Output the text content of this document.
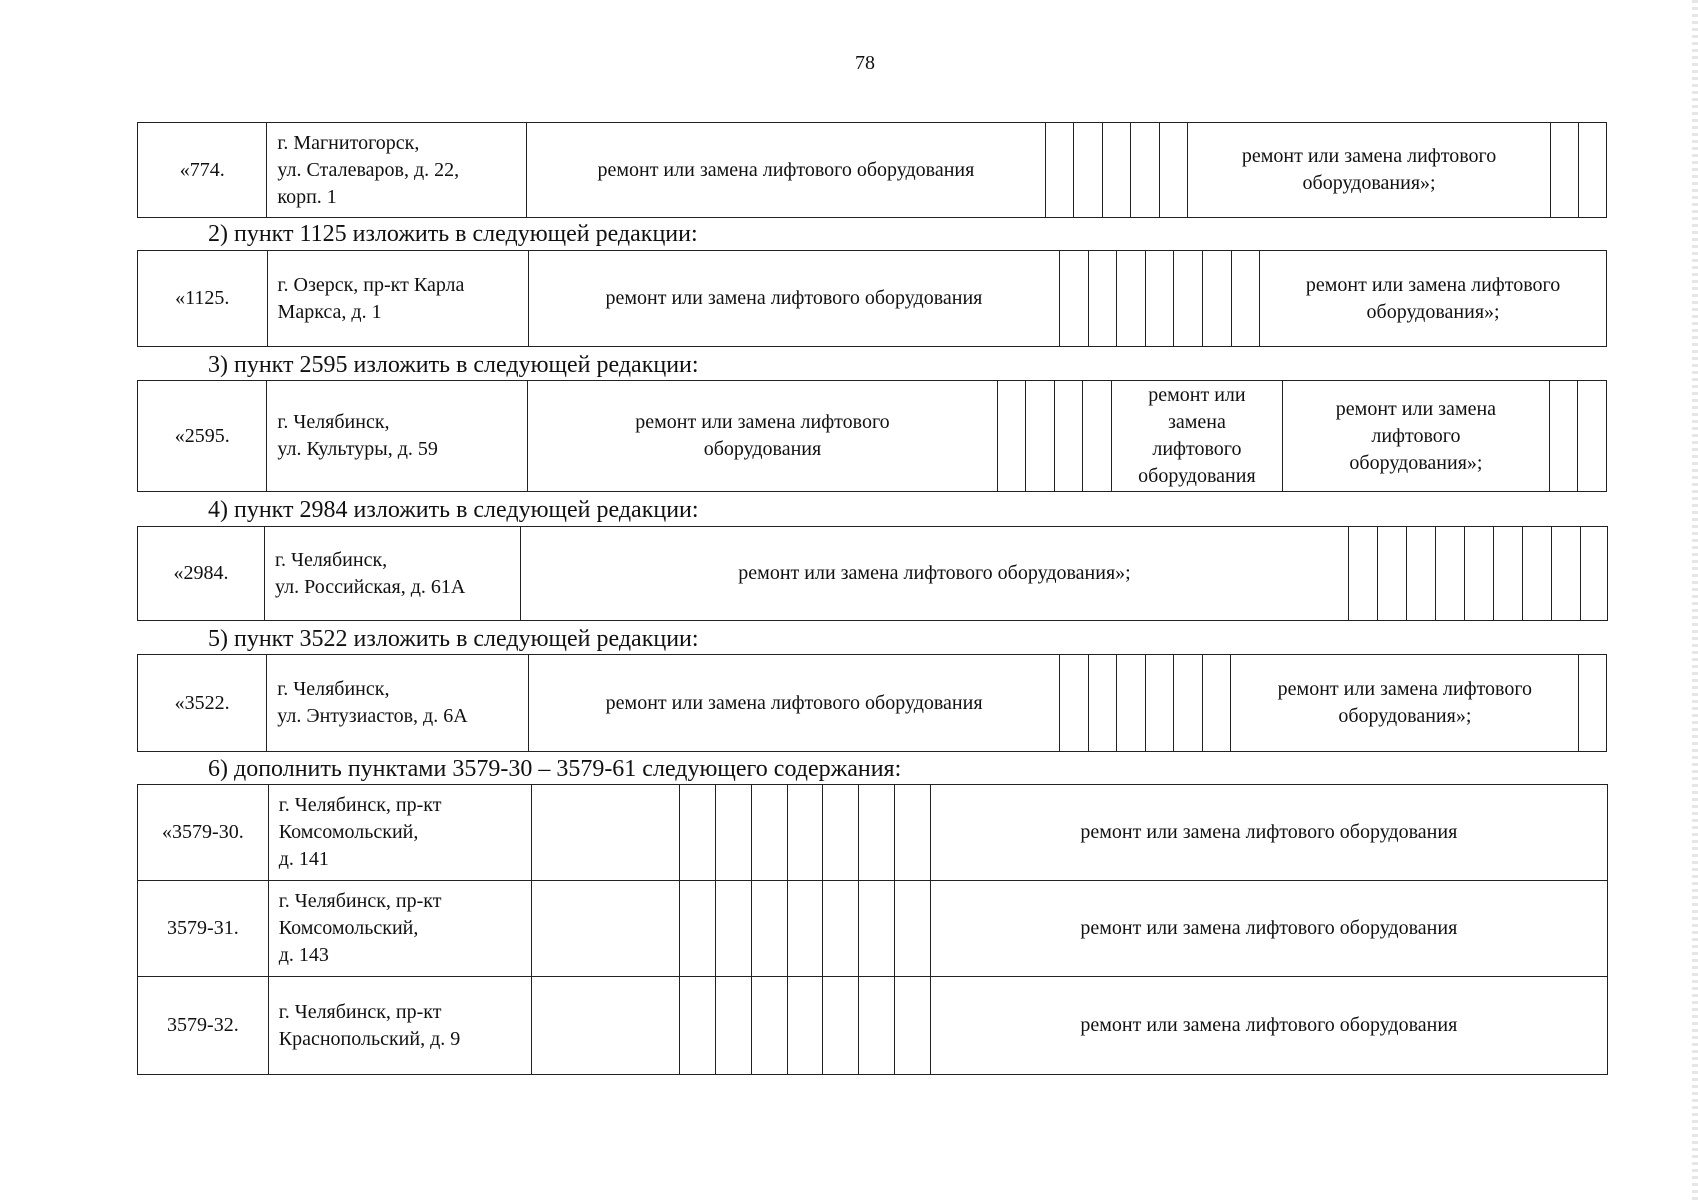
78
«774.	г. Магнитогорск,
ул. Сталеваров, д. 22,
корп. 1	ремонт или замена лифтового оборудования						ремонт или замена лифтового
оборудования»;		
2) пункт 1125 изложить в следующей редакции:
«1125.	г. Озерск, пр-кт Карла
Маркса, д. 1	ремонт или замена лифтового оборудования								ремонт или замена лифтового
оборудования»;
3) пункт 2595 изложить в следующей редакции:
«2595.	г. Челябинск,
ул. Культуры, д. 59	ремонт или замена лифтового
оборудования					ремонт или
замена
лифтового
оборудования	ремонт или замена
лифтового
оборудования»;		
4) пункт 2984 изложить в следующей редакции:
«2984.	г. Челябинск,
ул. Российская, д. 61А	ремонт или замена лифтового оборудования»;									
5) пункт 3522 изложить в следующей редакции:
«3522.	г. Челябинск,
ул. Энтузиастов, д. 6А	ремонт или замена лифтового оборудования							ремонт или замена лифтового
оборудования»;	
6) дополнить пунктами 3579-30 – 3579-61 следующего содержания:
«3579-30.	г. Челябинск, пр-кт
Комсомольский,
д. 141									ремонт или замена лифтового оборудования
3579-31.	г. Челябинск, пр-кт
Комсомольский,
д. 143									ремонт или замена лифтового оборудования
3579-32.	г. Челябинск, пр-кт
Краснопольский, д. 9									ремонт или замена лифтового оборудования
